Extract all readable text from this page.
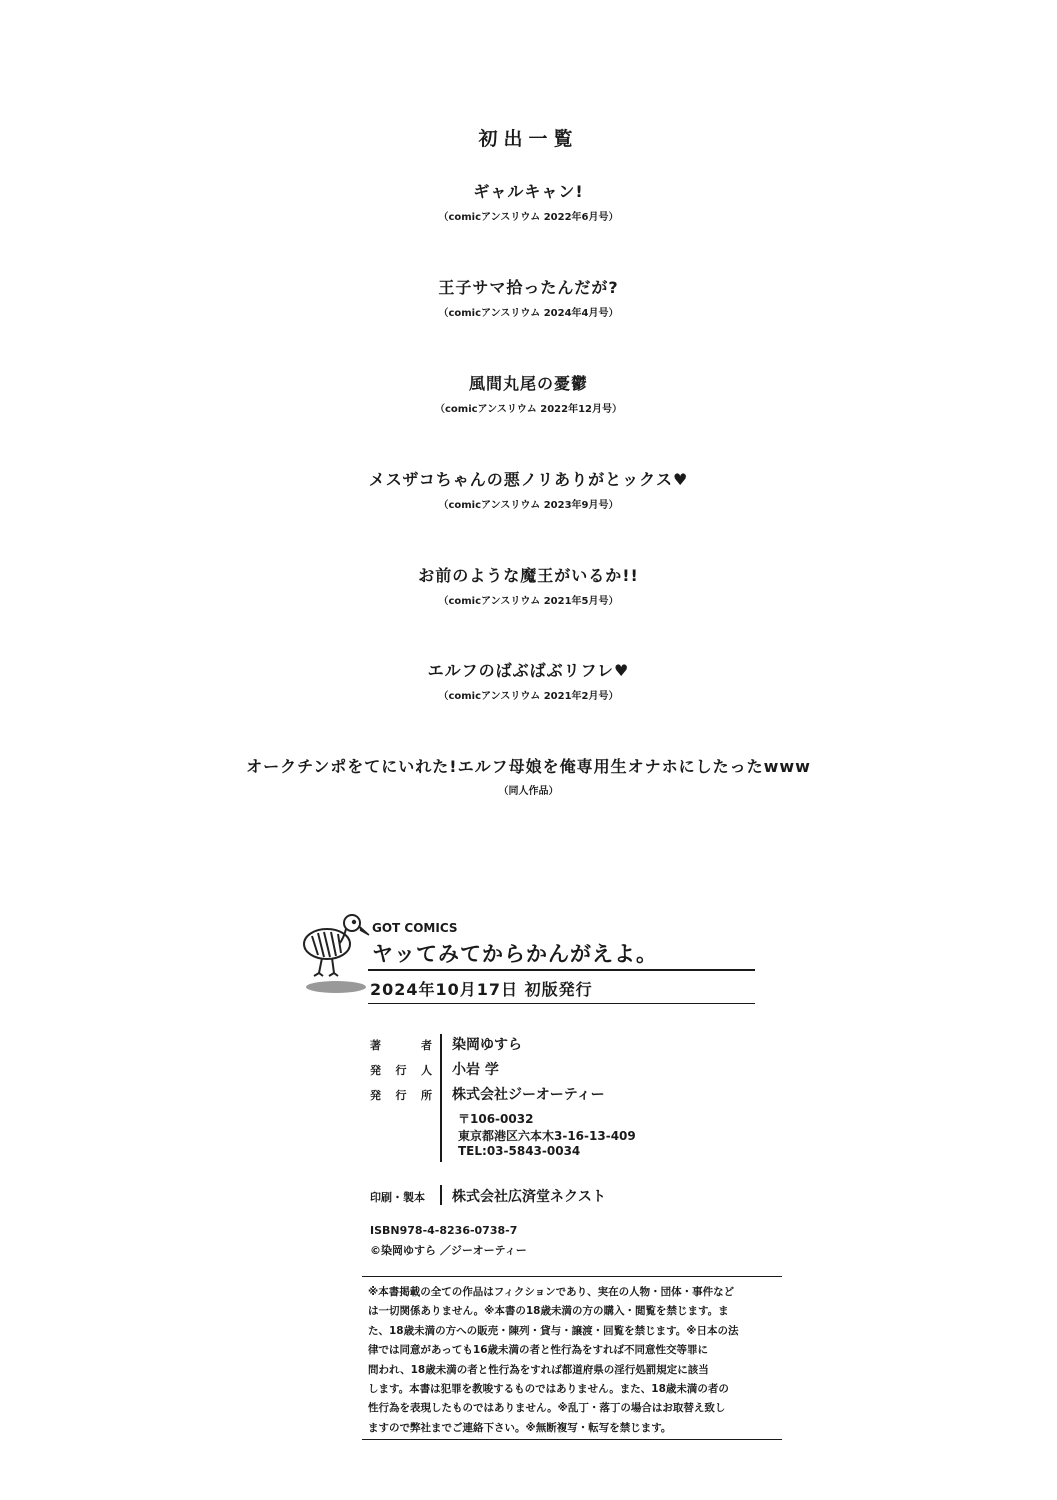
初出一覧
ギャルキャン!
（comicアンスリウム 2022年6月号）
王子サマ拾ったんだが?
（comicアンスリウム 2024年4月号）
風間丸尾の憂鬱
（comicアンスリウム 2022年12月号）
メスザコちゃんの悪ノリありがとックス♥
（comicアンスリウム 2023年9月号）
お前のような魔王がいるか!!
（comicアンスリウム 2021年5月号）
エルフのばぶばぶリフレ♥
（comicアンスリウム 2021年2月号）
オークチンポをてにいれた!エルフ母娘を俺専用生オナホにしたったwww
（同人作品）
GOT COMICS
ヤッてみてからかんがえよ。
2024年10月17日 初版発行
著	者 染岡ゆすら
発 行 人 小岩 学
発 行 所 株式会社ジーオーティー
〒106-0032
東京都港区六本木3-16-13-409
TEL:03-5843-0034
印刷・製本	株式会社広済堂ネクスト
ISBN978-4-8236-0738-7
©染岡ゆすら ／ジーオーティー
※本書掲載の全ての作品はフィクションであり、実在の人物・団体・事件など
は一切関係ありません。※本書の18歳未満の方の購入・閲覧を禁じます。ま
た、18歳未満の方への販売・陳列・貸与・譲渡・回覧を禁じます。※日本の法
律では同意があっても16歳未満の者と性行為をすれば不同意性交等罪に
問われ、18歳未満の者と性行為をすれば都道府県の淫行処罰規定に該当
します。本書は犯罪を教唆するものではありません。また、18歳未満の者の
性行為を表現したものではありません。※乱丁・落丁の場合はお取替え致し
ますので弊社までご連絡下さい。※無断複写・転写を禁じます。
